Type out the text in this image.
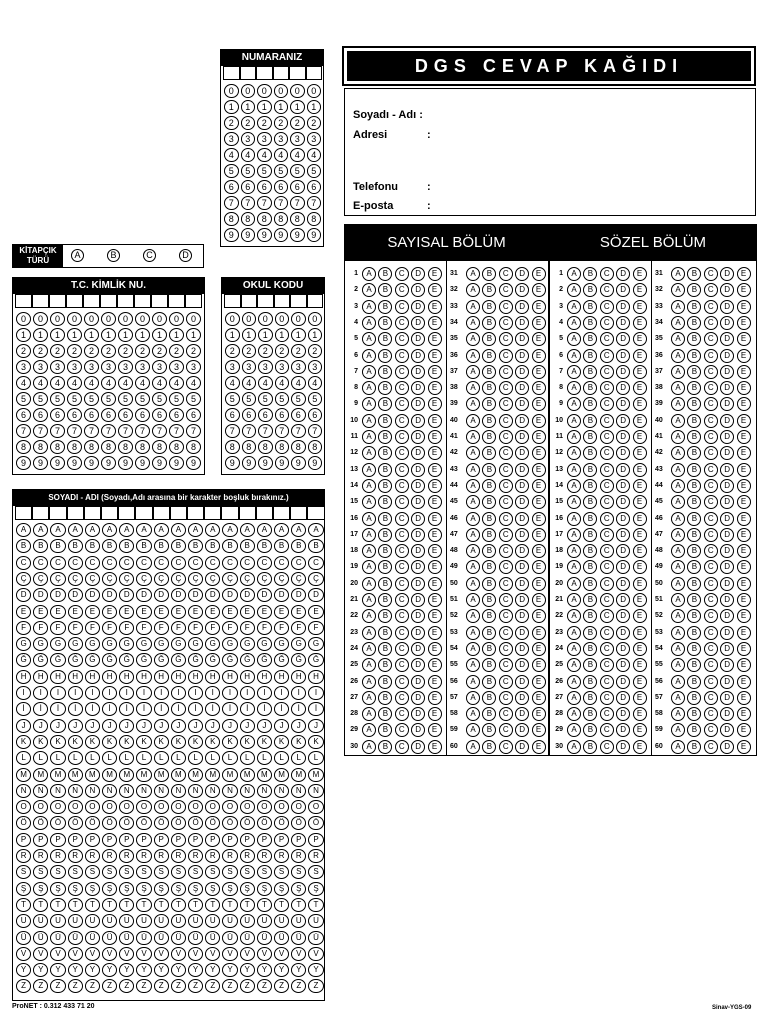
NUMARANIZ
0	0	0	0	0	0
1	1	1	1	1	1
2	2	2	2	2	2
3	3	3	3	3	3
4	4	4	4	4	4
5	5	5	5	5	5
6	6	6	6	6	6
7	7	7	7	7	7
8	8	8	8	8	8
9	9	9	9	9	9
DGS CEVAP KAĞIDI
Soyadı - Adı :
Adresi	:
Telefonu	:
E-posta	:
KİTAPÇIK
TÜRÜ
A	B	C	D
T.C. KİMLİK NU.
0	0	0	0	0	0	0	0	0	0	0
1	1	1	1	1	1	1	1	1	1	1
2	2	2	2	2	2	2	2	2	2	2
3	3	3	3	3	3	3	3	3	3	3
4	4	4	4	4	4	4	4	4	4	4
5	5	5	5	5	5	5	5	5	5	5
6	6	6	6	6	6	6	6	6	6	6
7	7	7	7	7	7	7	7	7	7	7
8	8	8	8	8	8	8	8	8	8	8
9	9	9	9	9	9	9	9	9	9	9
OKUL KODU
0	0	0	0	0	0
1	1	1	1	1	1
2	2	2	2	2	2
3	3	3	3	3	3
4	4	4	4	4	4
5	5	5	5	5	5
6	6	6	6	6	6
7	7	7	7	7	7
8	8	8	8	8	8
9	9	9	9	9	9
SOYADI - ADI (Soyadı,Adı arasına bir karakter boşluk bırakınız.)
A	A	A	A	A	A	A	A	A	A	A	A	A	A	A	A	A	A
B	B	B	B	B	B	B	B	B	B	B	B	B	B	B	B	B	B
C	C	C	C	C	C	C	C	C	C	C	C	C	C	C	C	C	C
Ç	Ç	Ç	Ç	Ç	Ç	Ç	Ç	Ç	Ç	Ç	Ç	Ç	Ç	Ç	Ç	Ç	Ç
D	D	D	D	D	D	D	D	D	D	D	D	D	D	D	D	D	D
E	E	E	E	E	E	E	E	E	E	E	E	E	E	E	E	E	E
F	F	F	F	F	F	F	F	F	F	F	F	F	F	F	F	F	F
G	G	G	G	G	G	G	G	G	G	G	G	G	G	G	G	G	G
Ğ	Ğ	Ğ	Ğ	Ğ	Ğ	Ğ	Ğ	Ğ	Ğ	Ğ	Ğ	Ğ	Ğ	Ğ	Ğ	Ğ	Ğ
H	H	H	H	H	H	H	H	H	H	H	H	H	H	H	H	H	H
I	I	I	I	I	I	I	I	I	I	I	I	I	I	I	I	I	I
İ	İ	İ	İ	İ	İ	İ	İ	İ	İ	İ	İ	İ	İ	İ	İ	İ	İ
J	J	J	J	J	J	J	J	J	J	J	J	J	J	J	J	J	J
K	K	K	K	K	K	K	K	K	K	K	K	K	K	K	K	K	K
L	L	L	L	L	L	L	L	L	L	L	L	L	L	L	L	L	L
M	M	M	M	M	M	M	M	M	M	M	M	M	M	M	M	M	M
N	N	N	N	N	N	N	N	N	N	N	N	N	N	N	N	N	N
O	O	O	O	O	O	O	O	O	O	O	O	O	O	O	O	O	O
Ö	Ö	Ö	Ö	Ö	Ö	Ö	Ö	Ö	Ö	Ö	Ö	Ö	Ö	Ö	Ö	Ö	Ö
P	P	P	P	P	P	P	P	P	P	P	P	P	P	P	P	P	P
R	R	R	R	R	R	R	R	R	R	R	R	R	R	R	R	R	R
S	S	S	S	S	S	S	S	S	S	S	S	S	S	S	S	S	S
Ş	Ş	Ş	Ş	Ş	Ş	Ş	Ş	Ş	Ş	Ş	Ş	Ş	Ş	Ş	Ş	Ş	Ş
T	T	T	T	T	T	T	T	T	T	T	T	T	T	T	T	T	T
U	U	U	U	U	U	U	U	U	U	U	U	U	U	U	U	U	U
Ü	Ü	Ü	Ü	Ü	Ü	Ü	Ü	Ü	Ü	Ü	Ü	Ü	Ü	Ü	Ü	Ü	Ü
V	V	V	V	V	V	V	V	V	V	V	V	V	V	V	V	V	V
Y	Y	Y	Y	Y	Y	Y	Y	Y	Y	Y	Y	Y	Y	Y	Y	Y	Y
Z	Z	Z	Z	Z	Z	Z	Z	Z	Z	Z	Z	Z	Z	Z	Z	Z	Z
SAYISAL BÖLÜM
1	A	B	C	D	E
2	A	B	C	D	E
3	A	B	C	D	E
4	A	B	C	D	E
5	A	B	C	D	E
6	A	B	C	D	E
7	A	B	C	D	E
8	A	B	C	D	E
9	A	B	C	D	E
10	A	B	C	D	E
11	A	B	C	D	E
12	A	B	C	D	E
13	A	B	C	D	E
14	A	B	C	D	E
15	A	B	C	D	E
16	A	B	C	D	E
17	A	B	C	D	E
18	A	B	C	D	E
19	A	B	C	D	E
20	A	B	C	D	E
21	A	B	C	D	E
22	A	B	C	D	E
23	A	B	C	D	E
24	A	B	C	D	E
25	A	B	C	D	E
26	A	B	C	D	E
27	A	B	C	D	E
28	A	B	C	D	E
29	A	B	C	D	E
30	A	B	C	D	E
31	A	B	C	D	E
32	A	B	C	D	E
33	A	B	C	D	E
34	A	B	C	D	E
35	A	B	C	D	E
36	A	B	C	D	E
37	A	B	C	D	E
38	A	B	C	D	E
39	A	B	C	D	E
40	A	B	C	D	E
41	A	B	C	D	E
42	A	B	C	D	E
43	A	B	C	D	E
44	A	B	C	D	E
45	A	B	C	D	E
46	A	B	C	D	E
47	A	B	C	D	E
48	A	B	C	D	E
49	A	B	C	D	E
50	A	B	C	D	E
51	A	B	C	D	E
52	A	B	C	D	E
53	A	B	C	D	E
54	A	B	C	D	E
55	A	B	C	D	E
56	A	B	C	D	E
57	A	B	C	D	E
58	A	B	C	D	E
59	A	B	C	D	E
60	A	B	C	D	E
SÖZEL BÖLÜM
1	A	B	C	D	E
2	A	B	C	D	E
3	A	B	C	D	E
4	A	B	C	D	E
5	A	B	C	D	E
6	A	B	C	D	E
7	A	B	C	D	E
8	A	B	C	D	E
9	A	B	C	D	E
10	A	B	C	D	E
11	A	B	C	D	E
12	A	B	C	D	E
13	A	B	C	D	E
14	A	B	C	D	E
15	A	B	C	D	E
16	A	B	C	D	E
17	A	B	C	D	E
18	A	B	C	D	E
19	A	B	C	D	E
20	A	B	C	D	E
21	A	B	C	D	E
22	A	B	C	D	E
23	A	B	C	D	E
24	A	B	C	D	E
25	A	B	C	D	E
26	A	B	C	D	E
27	A	B	C	D	E
28	A	B	C	D	E
29	A	B	C	D	E
30	A	B	C	D	E
31	A	B	C	D	E
32	A	B	C	D	E
33	A	B	C	D	E
34	A	B	C	D	E
35	A	B	C	D	E
36	A	B	C	D	E
37	A	B	C	D	E
38	A	B	C	D	E
39	A	B	C	D	E
40	A	B	C	D	E
41	A	B	C	D	E
42	A	B	C	D	E
43	A	B	C	D	E
44	A	B	C	D	E
45	A	B	C	D	E
46	A	B	C	D	E
47	A	B	C	D	E
48	A	B	C	D	E
49	A	B	C	D	E
50	A	B	C	D	E
51	A	B	C	D	E
52	A	B	C	D	E
53	A	B	C	D	E
54	A	B	C	D	E
55	A	B	C	D	E
56	A	B	C	D	E
57	A	B	C	D	E
58	A	B	C	D	E
59	A	B	C	D	E
60	A	B	C	D	E
ProNET : 0.312 433 71 20	Sinav-YGS-09
